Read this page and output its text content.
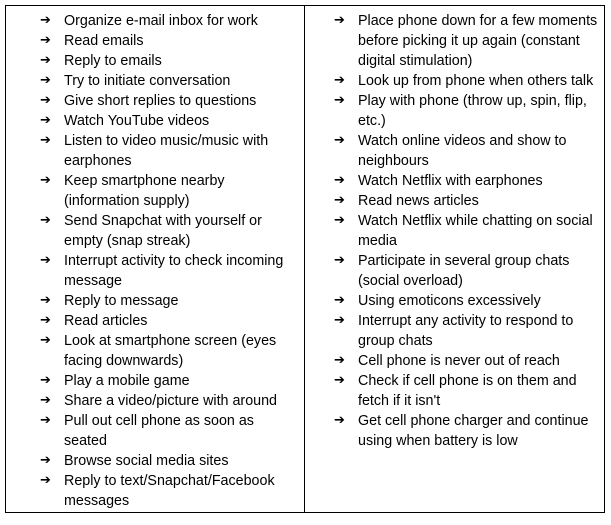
➔ Organize e-mail inbox for work
➔ Read emails
➔ Reply to emails
➔ Try to initiate conversation
➔ Give short replies to questions
➔ Watch YouTube videos
➔ Listen to video music/music with earphones
➔ Keep smartphone nearby (information supply)
➔ Send Snapchat with yourself or empty (snap streak)
➔ Interrupt activity to check incoming message
➔ Reply to message
➔ Read articles
➔ Look at smartphone screen (eyes facing downwards)
➔ Play a mobile game
➔ Share a video/picture with around
➔ Pull out cell phone as soon as seated
➔ Browse social media sites
➔ Reply to text/Snapchat/Facebook messages
➔ Place phone down for a few moments before picking it up again (constant digital stimulation)
➔ Look up from phone when others talk
➔ Play with phone (throw up, spin, flip, etc.)
➔ Watch online videos and show to neighbours
➔ Watch Netflix with earphones
➔ Read news articles
➔ Watch Netflix while chatting on social media
➔ Participate in several group chats (social overload)
➔ Using emoticons excessively
➔ Interrupt any activity to respond to group chats
➔ Cell phone is never out of reach
➔ Check if cell phone is on them and fetch if it isn't
➔ Get cell phone charger and continue using when battery is low
